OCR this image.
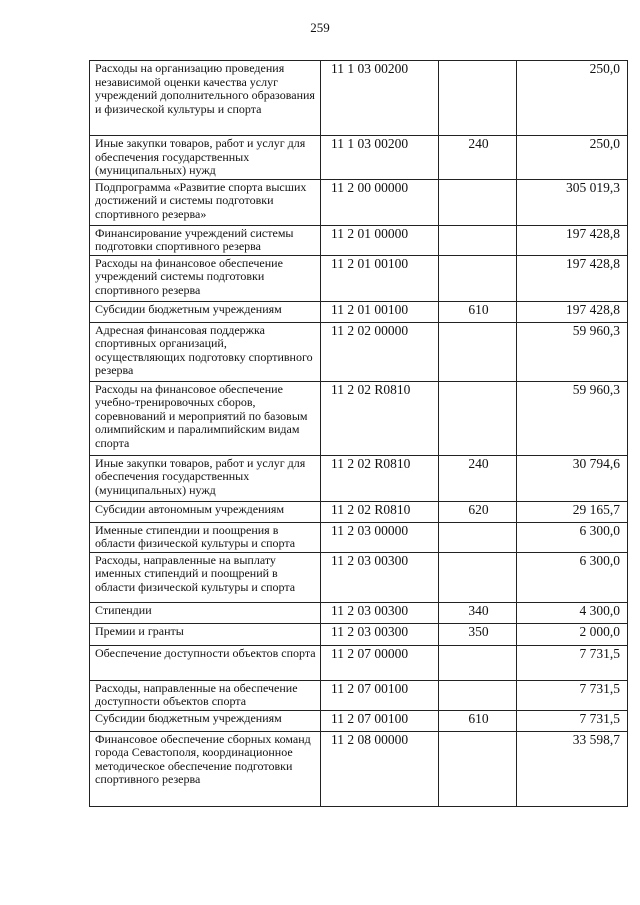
259
Расходы на организацию проведения независимой оценки качества услуг учреждений дополнительного образования и физической культуры и спорта	11 1 03 00200		250,0
Иные закупки товаров, работ и услуг для обеспечения государственных (муниципальных) нужд	11 1 03 00200	240	250,0
Подпрограмма «Развитие спорта высших достижений и системы подготовки спортивного резерва»	11 2 00 00000		305 019,3
Финансирование учреждений системы подготовки спортивного резерва	11 2 01 00000		197 428,8
Расходы на финансовое обеспечение учреждений системы подготовки спортивного резерва	11 2 01 00100		197 428,8
Субсидии бюджетным учреждениям	11 2 01 00100	610	197 428,8
Адресная финансовая поддержка спортивных организаций, осуществляющих подготовку спортивного резерва	11 2 02 00000		59 960,3
Расходы на финансовое обеспечение учебно-тренировочных сборов, соревнований и мероприятий по базовым олимпийским и паралимпийским видам спорта	11 2 02 R0810		59 960,3
Иные закупки товаров, работ и услуг для обеспечения государственных (муниципальных) нужд	11 2 02 R0810	240	30 794,6
Субсидии автономным учреждениям	11 2 02 R0810	620	29 165,7
Именные стипендии и поощрения в области физической культуры и спорта	11 2 03 00000		6 300,0
Расходы, направленные на выплату именных стипендий и поощрений в области физической культуры и спорта	11 2 03 00300		6 300,0
Стипендии	11 2 03 00300	340	4 300,0
Премии и гранты	11 2 03 00300	350	2 000,0
Обеспечение доступности объектов спорта	11 2 07 00000		7 731,5
Расходы, направленные на обеспечение доступности объектов спорта	11 2 07 00100		7 731,5
Субсидии бюджетным учреждениям	11 2 07 00100	610	7 731,5
Финансовое обеспечение сборных команд города Севастополя, координационное методическое обеспечение подготовки спортивного резерва	11 2 08 00000		33 598,7
